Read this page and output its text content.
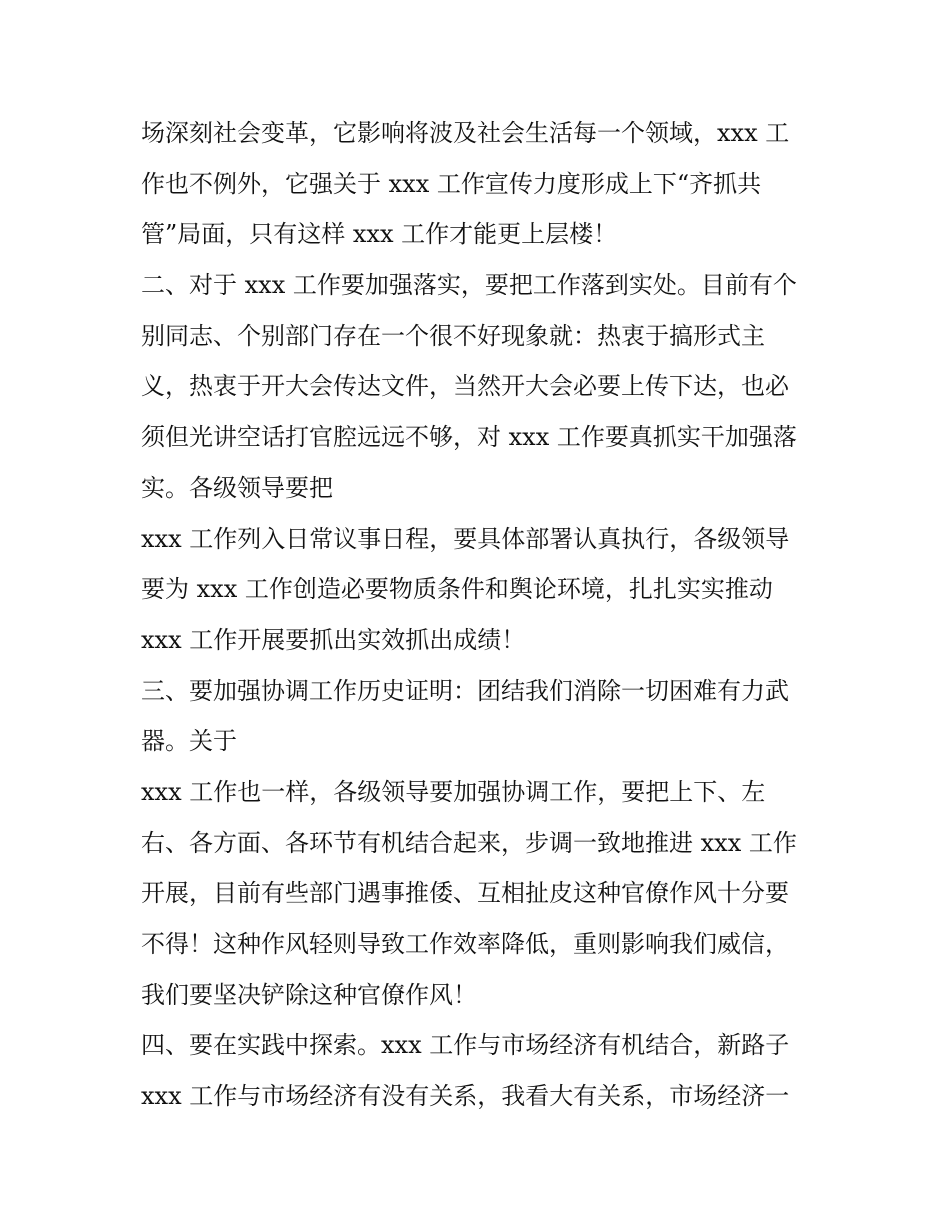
场深刻社会变革，它影响将波及社会生活每一个领域，xxx 工
作也不例外，它强关于 xxx 工作宣传力度形成上下“齐抓共
管”局面，只有这样 xxx 工作才能更上层楼！
二、对于 xxx 工作要加强落实，要把工作落到实处。目前有个
别同志、个别部门存在一个很不好现象就：热衷于搞形式主
义，热衷于开大会传达文件，当然开大会必要上传下达，也必
须但光讲空话打官腔远远不够，对 xxx 工作要真抓实干加强落
实。各级领导要把
xxx 工作列入日常议事日程，要具体部署认真执行，各级领导
要为 xxx 工作创造必要物质条件和舆论环境，扎扎实实推动
xxx 工作开展要抓出实效抓出成绩！
三、要加强协调工作历史证明：团结我们消除一切困难有力武
器。关于
xxx 工作也一样，各级领导要加强协调工作，要把上下、左
右、各方面、各环节有机结合起来，步调一致地推进 xxx 工作
开展，目前有些部门遇事推倭、互相扯皮这种官僚作风十分要
不得！这种作风轻则导致工作效率降低，重则影响我们威信，
我们要坚决铲除这种官僚作风！
四、要在实践中探索。xxx 工作与市场经济有机结合，新路子
xxx 工作与市场经济有没有关系，我看大有关系，市场经济一
